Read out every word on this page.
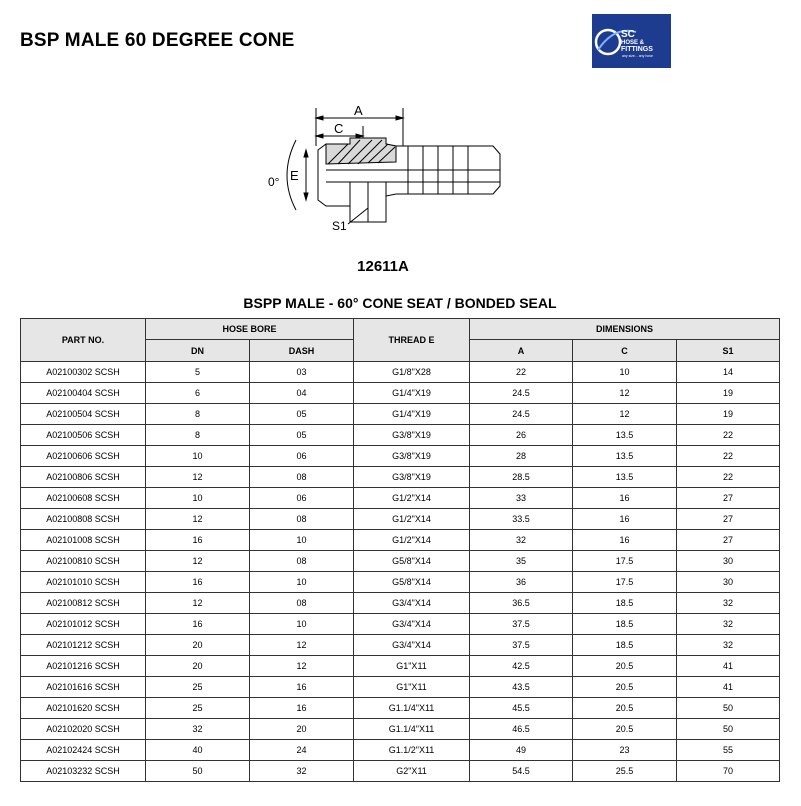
BSP MALE 60 DEGREE CONE	SC
HOSE &
FITTINGS
any size... any hose
A
C
E
S1
0°
12611A
BSPP MALE - 60° CONE SEAT / BONDED SEAL
PART NO.	HOSE BORE		THREAD E	DIMENSIONS		
	DN	DASH		A	C	S1
A02100302 SCSH	5	03	G1/8"X28	22	10	14
A02100404 SCSH	6	04	G1/4"X19	24.5	12	19
A02100504 SCSH	8	05	G1/4"X19	24.5	12	19
A02100506 SCSH	8	05	G3/8"X19	26	13.5	22
A02100606 SCSH	10	06	G3/8"X19	28	13.5	22
A02100806 SCSH	12	08	G3/8"X19	28.5	13.5	22
A02100608 SCSH	10	06	G1/2"X14	33	16	27
A02100808 SCSH	12	08	G1/2"X14	33.5	16	27
A02101008 SCSH	16	10	G1/2"X14	32	16	27
A02100810 SCSH	12	08	G5/8"X14	35	17.5	30
A02101010 SCSH	16	10	G5/8"X14	36	17.5	30
A02100812 SCSH	12	08	G3/4"X14	36.5	18.5	32
A02101012 SCSH	16	10	G3/4"X14	37.5	18.5	32
A02101212 SCSH	20	12	G3/4"X14	37.5	18.5	32
A02101216 SCSH	20	12	G1"X11	42.5	20.5	41
A02101616 SCSH	25	16	G1"X11	43.5	20.5	41
A02101620 SCSH	25	16	G1.1/4"X11	45.5	20.5	50
A02102020 SCSH	32	20	G1.1/4"X11	46.5	20.5	50
A02102424 SCSH	40	24	G1.1/2"X11	49	23	55
A02103232 SCSH	50	32	G2"X11	54.5	25.5	70
